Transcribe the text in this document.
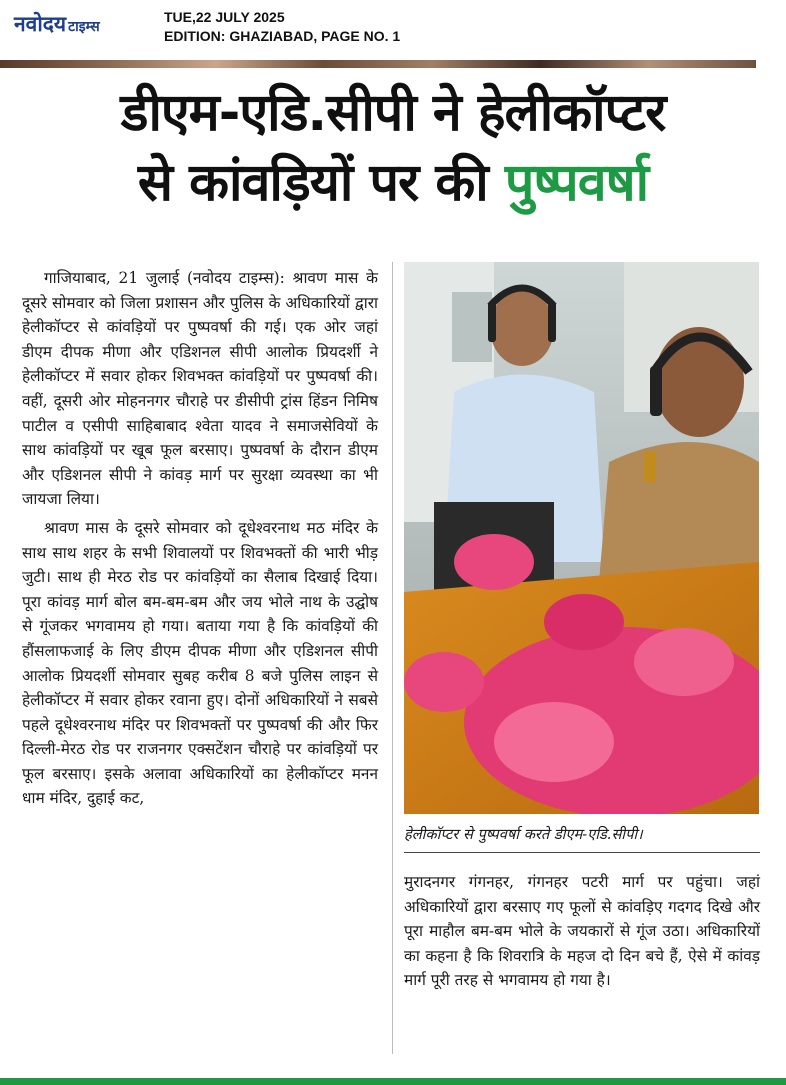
नवोदय टाइम्स
TUE,22 JULY 2025
EDITION: GHAZIABAD, PAGE NO. 1
डीएम-एडि.सीपी ने हेलीकॉप्टर
से कांवड़ियों पर की पुष्पवर्षा

गाजियाबाद, 21 जुलाई (नवोदय टाइम्स): श्रावण मास के दूसरे सोमवार को जिला प्रशासन और पुलिस के अधिकारियों द्वारा हेलीकॉप्टर से कांवड़ियों पर पुष्पवर्षा की गई। एक ओर जहां डीएम दीपक मीणा और एडिशनल सीपी आलोक प्रियदर्शी ने हेलीकॉप्टर में सवार होकर शिवभक्त कांवड़ियों पर पुष्पवर्षा की। वहीं, दूसरी ओर मोहननगर चौराहे पर डीसीपी ट्रांस हिंडन निमिष पाटील व एसीपी साहिबाबाद श्वेता यादव ने समाजसेवियों के साथ कांवड़ियों पर खूब फूल बरसाए। पुष्पवर्षा के दौरान डीएम और एडिशनल सीपी ने कांवड़ मार्ग पर सुरक्षा व्यवस्था का भी जायजा लिया।

श्रावण मास के दूसरे सोमवार को दूधेश्वरनाथ मठ मंदिर के साथ साथ शहर के सभी शिवालयों पर शिवभक्तों की भारी भीड़ जुटी। साथ ही मेरठ रोड पर कांवड़ियों का सैलाब दिखाई दिया। पूरा कांवड़ मार्ग बोल बम-बम-बम और जय भोले नाथ के उद्घोष से गूंजकर भगवामय हो गया। बताया गया है कि कांवड़ियों की हौंसलाफजाई के लिए डीएम दीपक मीणा और एडिशनल सीपी आलोक प्रियदर्शी सोमवार सुबह करीब 8 बजे पुलिस लाइन से हेलीकॉप्टर में सवार होकर रवाना हुए। दोनों अधिकारियों ने सबसे पहले दूधेश्वरनाथ मंदिर पर शिवभक्तों पर पुष्पवर्षा की और फिर दिल्ली-मेरठ रोड पर राजनगर एक्सटेंशन चौराहे पर कांवड़ियों पर फूल बरसाए। इसके अलावा अधिकारियों का हेलीकॉप्टर मनन धाम मंदिर, दुहाई कट,

हेलीकॉप्टर से पुष्पवर्षा करते डीएम-एडि.सीपी।

मुरादनगर गंगनहर, गंगनहर पटरी मार्ग पर पहुंचा। जहां अधिकारियों द्वारा बरसाए गए फूलों से कांवड़िए गदगद दिखे और पूरा माहौल बम-बम भोले के जयकारों से गूंज उठा। अधिकारियों का कहना है कि शिवरात्रि के महज दो दिन बचे हैं, ऐसे में कांवड़ मार्ग पूरी तरह से भगवामय हो गया है।
